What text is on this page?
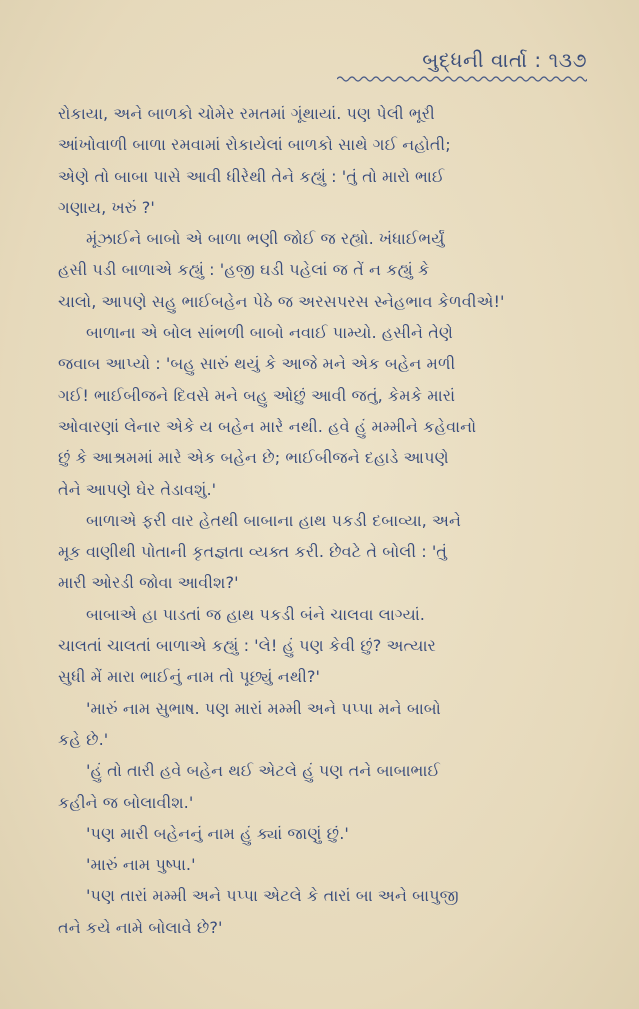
બુદ્ધની વાર્તા : ૧૩૭

રોકાયા, અને બાળકો ચોમેર રમતમાં ગૂંથાયાં. પણ પેલી ભૂરી
આંખોવાળી બાળા રમવામાં રોકાયેલાં બાળકો સાથે ગઈ નહોતી;
એણે તો બાબા પાસે આવી ધીરેથી તેને કહ્યું : 'તું તો મારો ભાઈ
ગણાય, ખરું ?'

મૂંઝાઈને બાબો એ બાળા ભણી જોઈ જ રહ્યો. ખંધાઈભર્યું
હસી પડી બાળાએ કહ્યું : 'હજી ઘડી પહેલાં જ તેં ન કહ્યું કે
ચાલો, આપણે સહુ ભાઈબહેન પેઠે જ અરસપરસ સ્નેહભાવ કેળવીએ!'

બાળાના એ બોલ સાંભળી બાબો નવાઈ પામ્યો. હસીને તેણે
જવાબ આપ્યો : 'બહુ સારું થયું કે આજે મને એક બહેન મળી
ગઈ! ભાઈબીજને દિવસે મને બહુ ઓછું આવી જતું, કેમકે મારાં
ઓવારણાં લેનાર એકે ય બહેન મારે નથી. હવે હું મમ્મીને કહેવાનો
છું કે આશ્રમમાં મારે એક બહેન છે; ભાઈબીજને દહાડે આપણે
તેને આપણે ઘેર તેડાવશું.'

બાળાએ ફરી વાર હેતથી બાબાના હાથ પકડી દબાવ્યા, અને
મૂક વાણીથી પોતાની કૃતજ્ઞતા વ્યક્ત કરી. છેવટે તે બોલી : 'તું
મારી ઓરડી જોવા આવીશ?'

બાબાએ હા પાડતાં જ હાથ પકડી બંને ચાલવા લાગ્યાં.
ચાલતાં ચાલતાં બાળાએ કહ્યું : 'લે! હું પણ કેવી છું? અત્યાર
સુધી મેં મારા ભાઈનું નામ તો પૂછ્યું નથી?'

'મારું નામ સુભાષ. પણ મારાં મમ્મી અને પપ્પા મને બાબો
કહે છે.'

'હું તો તારી હવે બહેન થઈ એટલે હું પણ તને બાબાભાઈ
કહીને જ બોલાવીશ.'

'પણ મારી બહેનનું નામ હું ક્યાં જાણું છું.'

'મારું નામ પુષ્પા.'

'પણ તારાં મમ્મી અને પપ્પા એટલે કે તારાં બા અને બાપુજી
તને કયે નામે બોલાવે છે?'
